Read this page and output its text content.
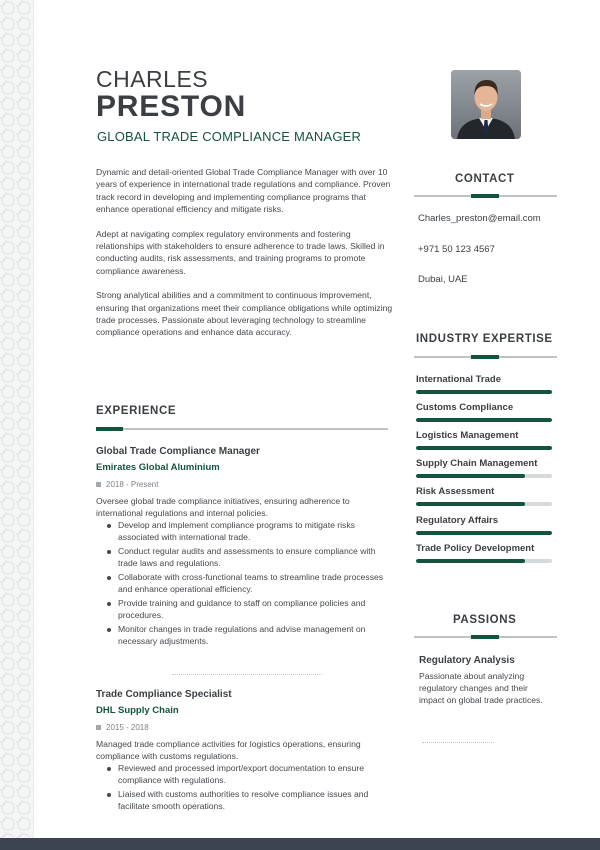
CHARLES
PRESTON
GLOBAL TRADE COMPLIANCE MANAGER

Dynamic and detail-oriented Global Trade Compliance Manager with over 10 years of experience in international trade regulations and compliance. Proven track record in developing and implementing compliance programs that enhance operational efficiency and mitigate risks.

Adept at navigating complex regulatory environments and fostering relationships with stakeholders to ensure adherence to trade laws. Skilled in conducting audits, risk assessments, and training programs to promote compliance awareness.

Strong analytical abilities and a commitment to continuous improvement, ensuring that organizations meet their compliance obligations while optimizing trade processes. Passionate about leveraging technology to streamline compliance operations and enhance data accuracy.

EXPERIENCE
Global Trade Compliance Manager
Emirates Global Aluminium
2018 - Present
Oversee global trade compliance initiatives, ensuring adherence to international regulations and internal policies.
Develop and implement compliance programs to mitigate risks associated with international trade.
Conduct regular audits and assessments to ensure compliance with trade laws and regulations.
Collaborate with cross-functional teams to streamline trade processes and enhance operational efficiency.
Provide training and guidance to staff on compliance policies and procedures.
Monitor changes in trade regulations and advise management on necessary adjustments.
Trade Compliance Specialist
DHL Supply Chain
2015 - 2018
Managed trade compliance activities for logistics operations, ensuring compliance with customs regulations.
Reviewed and processed import/export documentation to ensure compliance with regulations.
Liaised with customs authorities to resolve compliance issues and facilitate smooth operations.
CONTACT
Charles_preston@email.com
+971 50 123 4567
Dubai, UAE
INDUSTRY EXPERTISE
International Trade
Customs Compliance
Logistics Management
Supply Chain Management
Risk Assessment
Regulatory Affairs
Trade Policy Development
PASSIONS
Regulatory Analysis
Passionate about analyzing regulatory changes and their impact on global trade practices.
